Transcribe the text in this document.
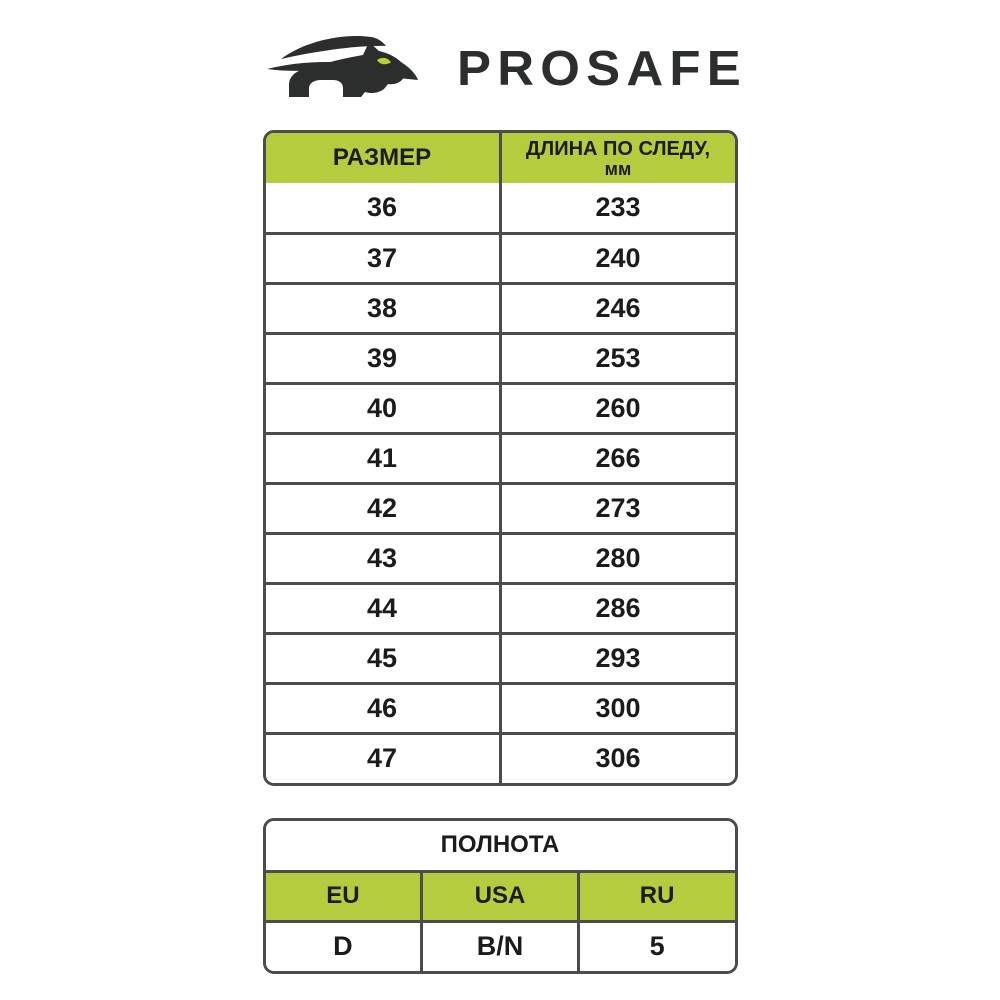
PROSAFE
РАЗМЕР	ДЛИНА ПО СЛЕДУ,
мм

36	233
37	240
38	246
39	253
40	260
41	266
42	273
43	280
44	286
45	293
46	300
47	306
ПОЛНОТА		
EU	USA	RU
D	B/N	5
